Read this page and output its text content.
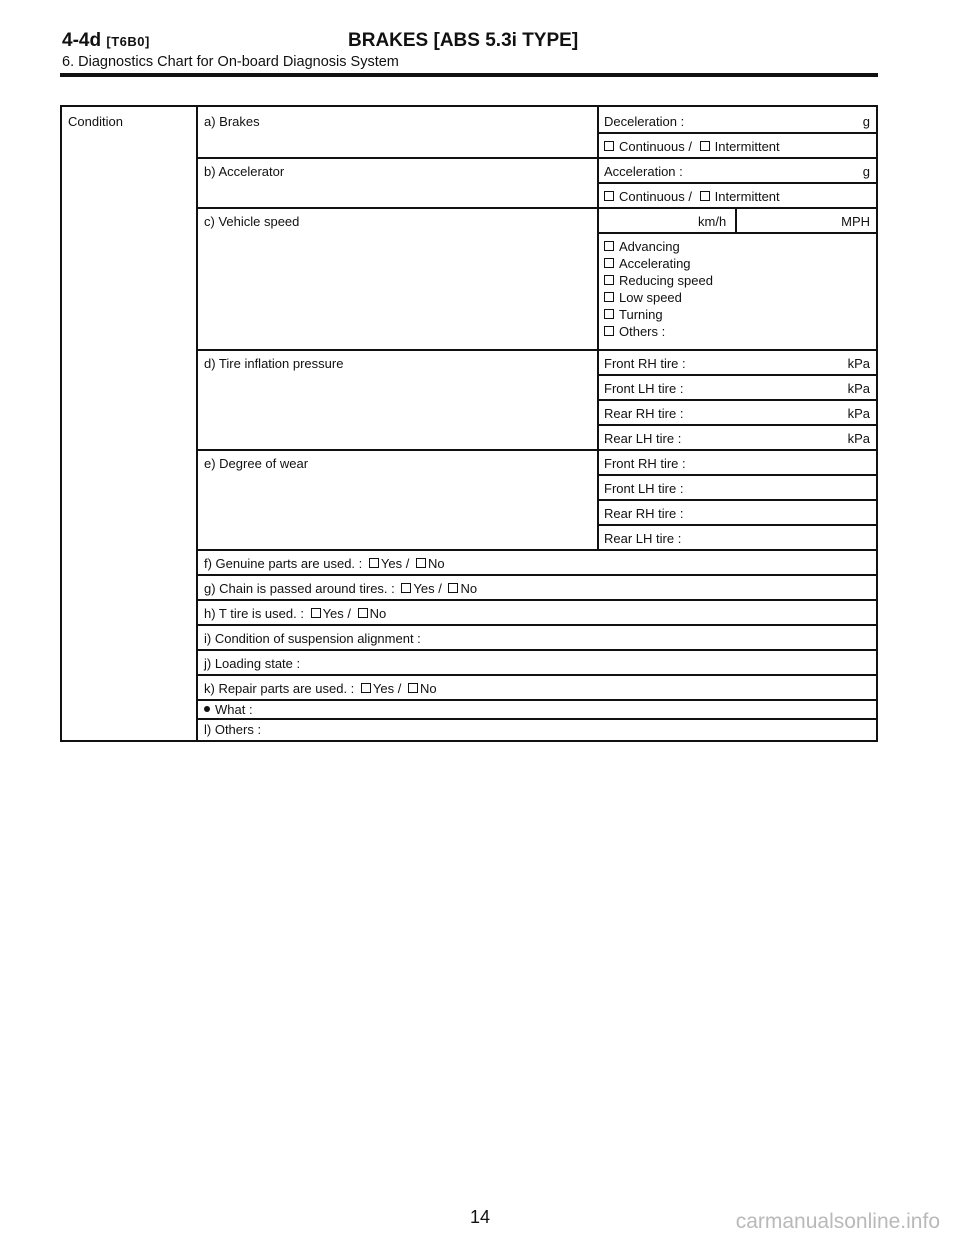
4-4d [T6B0]	BRAKES [ABS 5.3i TYPE]
6. Diagnostics Chart for On-board Diagnosis System
Condition	a) Brakes	Deceleration :	g
Continuous / Intermittent
b) Accelerator	Acceleration :	g
Continuous / Intermittent
c) Vehicle speed	km/h	MPH
Advancing
Accelerating
Reducing speed
Low speed
Turning
Others :
d) Tire inflation pressure	Front RH tire :	kPa
Front LH tire :	kPa
Rear RH tire :	kPa
Rear LH tire :	kPa
e) Degree of wear	Front RH tire :
Front LH tire :
Rear RH tire :
Rear LH tire :
f) Genuine parts are used. : Yes / No
g) Chain is passed around tires. : Yes / No
h) T tire is used. : Yes / No
i) Condition of suspension alignment :
j) Loading state :
k) Repair parts are used. : Yes / No
What :
l) Others :
14	carmanualsonline.info
